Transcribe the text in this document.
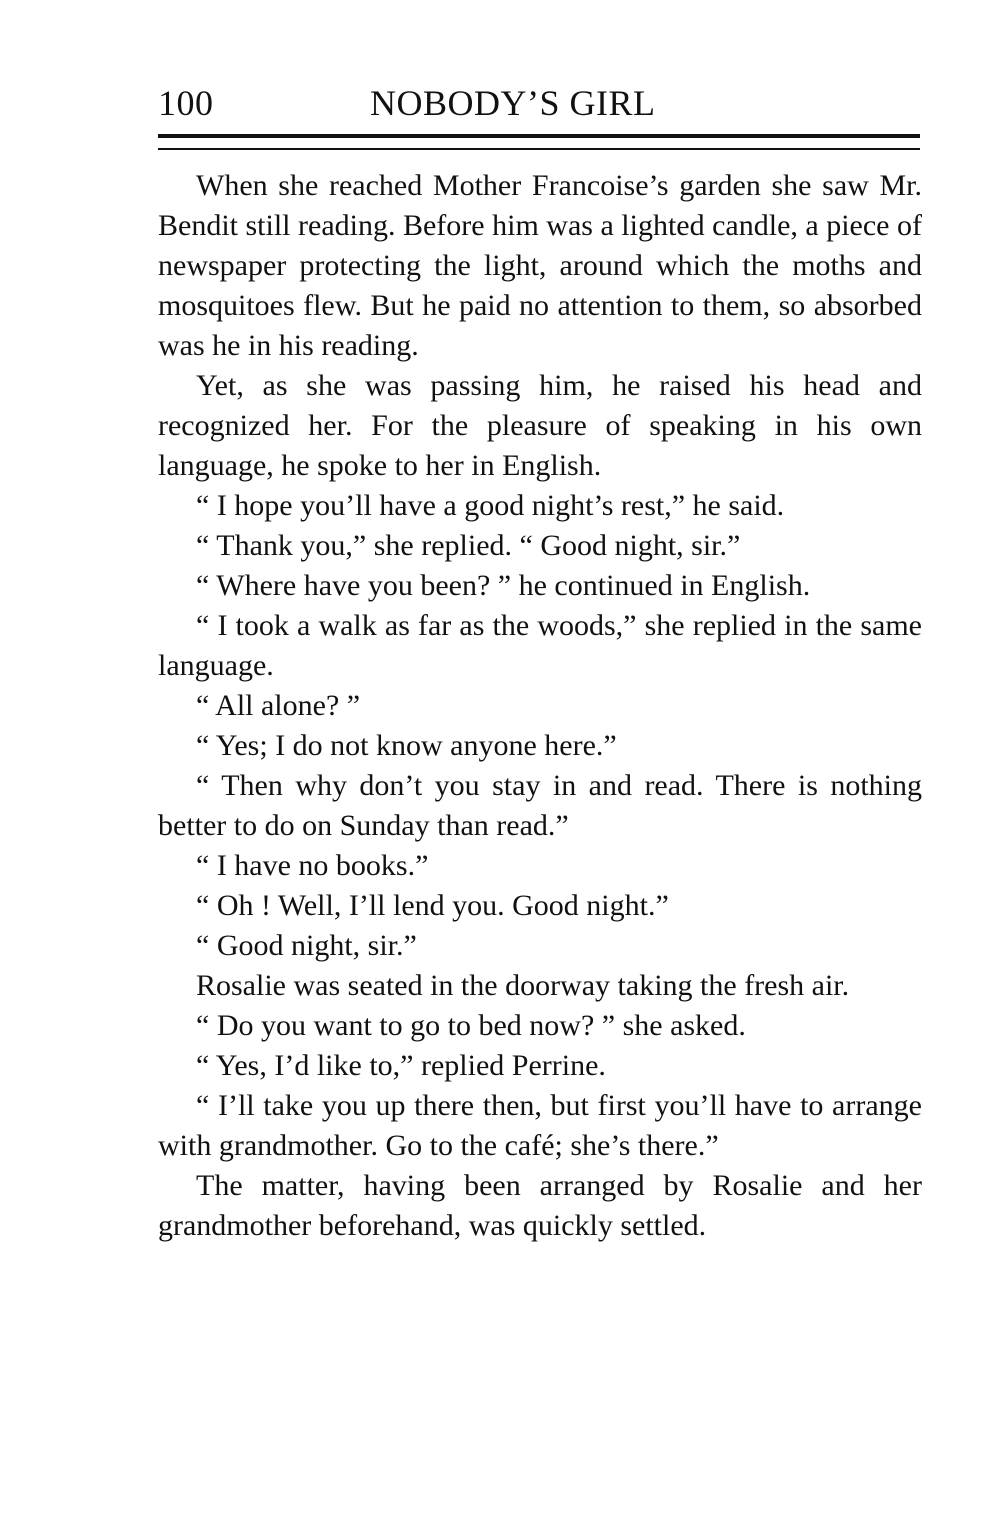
100	NOBODY’S GIRL

When she reached Mother Francoise’s garden she saw Mr. Bendit still reading. Before him was a lighted candle, a piece of newspaper protecting the light, around which the moths and mosquitoes flew. But he paid no attention to them, so absorbed was he in his reading.

Yet, as she was passing him, he raised his head and recognized her. For the pleasure of speaking in his own language, he spoke to her in English.

“ I hope you’ll have a good night’s rest,” he said.

“ Thank you,” she replied. “ Good night, sir.”

“ Where have you been? ” he continued in English.

“ I took a walk as far as the woods,” she replied in the same language.

“ All alone? ”

“ Yes; I do not know anyone here.”

“ Then why don’t you stay in and read. There is nothing better to do on Sunday than read.”

“ I have no books.”

“ Oh ! Well, I’ll lend you. Good night.”

“ Good night, sir.”

Rosalie was seated in the doorway taking the fresh air.

“ Do you want to go to bed now? ” she asked.

“ Yes, I’d like to,” replied Perrine.

“ I’ll take you up there then, but first you’ll have to arrange with grandmother. Go to the café; she’s there.”

The matter, having been arranged by Rosalie and her grandmother beforehand, was quickly settled.
